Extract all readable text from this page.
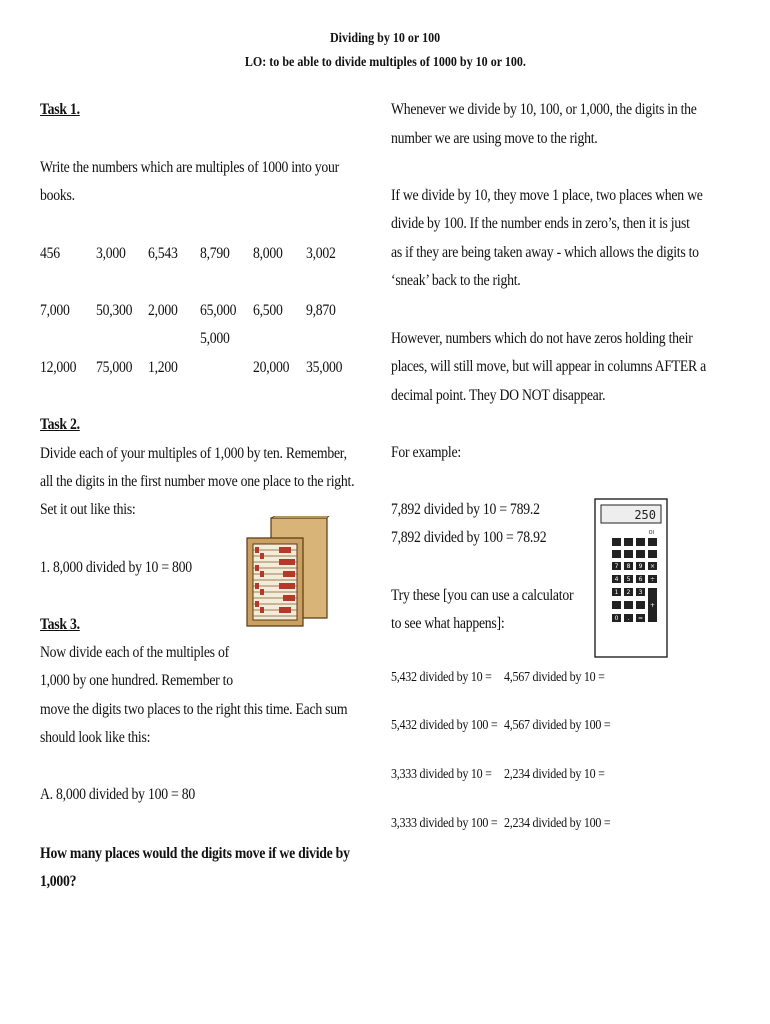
Dividing by 10 or 100
LO: to be able to divide multiples of 1000 by 10 or 100.
Task 1.
Write the numbers which are multiples of 1000 into your
books.
456 3,000 6,543 8,790 8,000 3,002
7,000 50,300 2,000 65,000 6,500 9,870
5,000
12,000 75,000 1,200	20,000 35,000
Task 2.
Divide each of your multiples of 1,000 by ten. Remember,
all the digits in the first number move one place to the right.
Set it out like this:
1. 8,000 divided by 10 = 800
Task 3.
Now divide each of the multiples of
1,000 by one hundred. Remember to
move the digits two places to the right this time. Each sum
should look like this:
A. 8,000 divided by 100 = 80
How many places would the digits move if we divide by
1,000?
Whenever we divide by 10, 100, or 1,000, the digits in the
number we are using move to the right.
If we divide by 10, they move 1 place, two places when we
divide by 100. If the number ends in zero’s, then it is just
as if they are being taken away - which allows the digits to
‘sneak’ back to the right.
However, numbers which do not have zeros holding their
places, will still move, but will appear in columns AFTER a
decimal point. They DO NOT disappear.
For example:
7,892 divided by 10 = 789.2
7,892 divided by 100 = 78.92
Try these [you can use a calculator
to see what happens]:
250
OI
7 8 9 ×
4 5 6 ÷
1 2 3
0 . =
+
5,432 divided by 10 = 4,567 divided by 10 =
5,432 divided by 100 = 4,567 divided by 100 =
3,333 divided by 10 = 2,234 divided by 10 =
3,333 divided by 100 = 2,234 divided by 100 =
